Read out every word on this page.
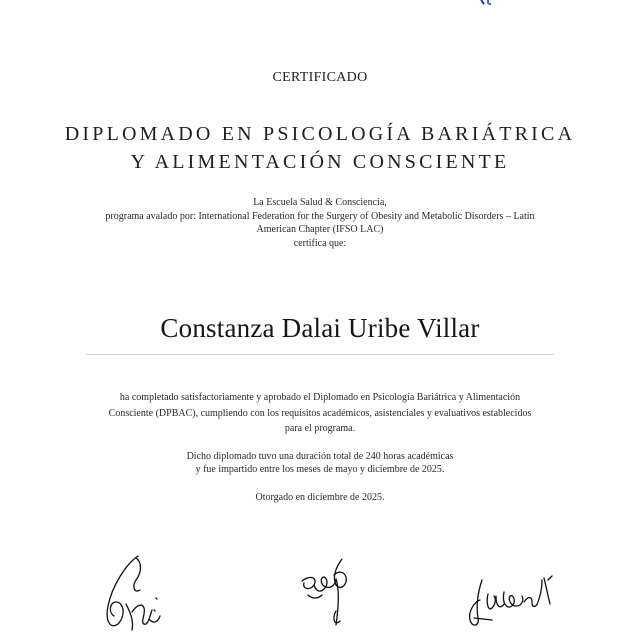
CERTIFICADO
DIPLOMADO EN PSICOLOGÍA BARIÁTRICA
Y ALIMENTACIÓN CONSCIENTE
La Escuela Salud & Consciencia,
programa avalado por: International Federation for the Surgery of Obesity and Metabolic Disorders – Latin
American Chapter (IFSO LAC)
certifica que:
Constanza Dalai Uribe Villar
ha completado satisfactoriamente y aprobado el Diplomado en Psicología Bariátrica y Alimentación
Consciente (DPBAC), cumpliendo con los requisitos académicos, asistenciales y evaluativos establecidos
para el programa.
Dicho diplomado tuvo una duración total de 240 horas académicas
y fue impartido entre los meses de mayo y diciembre de 2025.
Otorgado en diciembre de 2025.
